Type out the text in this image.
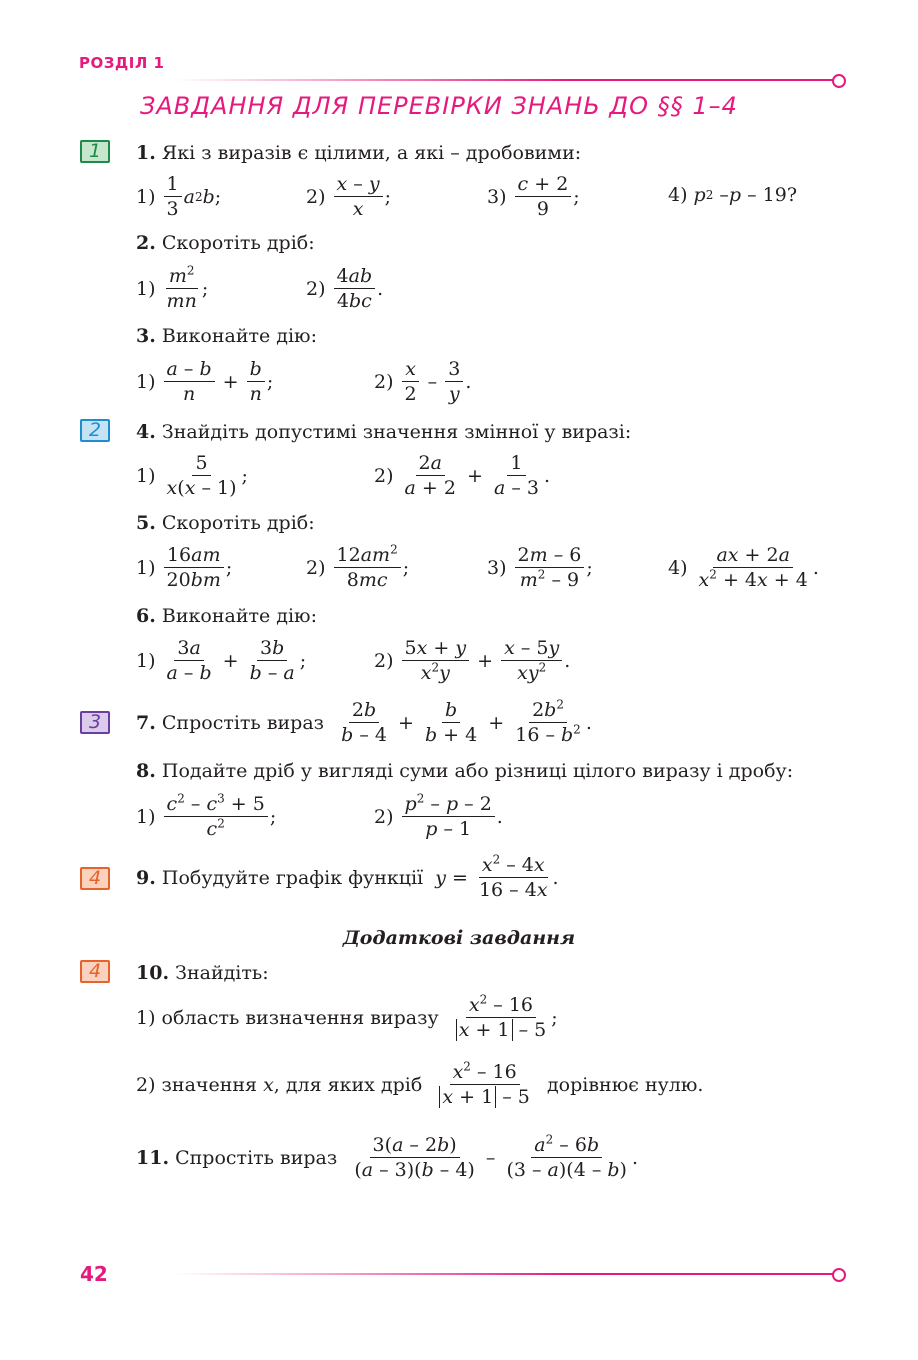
РОЗДІЛ 1
ЗАВДАННЯ ДЛЯ ПЕРЕВІРКИ ЗНАНЬ ДО §§ 1–4
1
2
3
4
4
1. Які з виразів є цілими, а які – дробовими:
$1) \frac{1}{3}$ a 2 b ;	$2) \frac{x - y}{x}$ ;	$3) \frac{c + 2}{9}$ ;	4) p 2 – p – 19?
2. Скоротіть дріб:
$1) \frac{m^2}{mn}$ ;	$2) \frac{4ab}{4bc}$ .
3. Виконайте дію:
$1) \frac{a - b}{n} + \frac{b}{n}$ ;	$2) \frac{x}{2} - \frac{3}{y}$ .
4. Знайдіть допустимі значення змінної у виразі:
$1) \frac{5}{x(x - 1)}$ ;	$2) \frac{2a}{a + 2} + \frac{1}{a - 3}$ .
5. Скоротіть дріб:
$1) \frac{16am}{20bm}$ ;	$2) \frac{12am^2}{8mc}$ ;	$3) \frac{2m - 6}{m^2 - 9}$ ;	$4) \frac{ax + 2a}{x^2 + 4x + 4}$ .
6. Виконайте дію:
$1) \frac{3a}{a - b} + \frac{3b}{b - a}$ ;	$2) \frac{5x + y}{x^2y} + \frac{x - 5y}{xy^2}$ .
7.
Спростіть вираз
$\frac{2b}{b - 4} + \frac{b}{b + 4} + \frac{2b^2}{16 - b^2}$ .
8. Подайте дріб у вигляді суми або різниці цілого виразу і дробу:
$1) \frac{c^2 - c^3 + 5}{c^2}$ ;	$2) \frac{p^2 - p - 2}{p - 1}$ .
9.
Побудуйте графік функції
$y = \frac{x^2 - 4x}{16 - 4x}$ .
Додаткові завдання
10. Знайдіть:
1) область визначення виразу
$\frac{x^2 - 16}{x + 1 - 5}$ ;
2) значення
x , для яких дріб
$\frac{x^2 - 16}{x + 1 - 5}$
дорівнює нулю.
11.
Спростіть вираз
$\frac{3(a - 2b)}{(a - 3)(b - 4)} - \frac{a^2 - 6b}{(3 - a)(4 - b)}$ .
42
